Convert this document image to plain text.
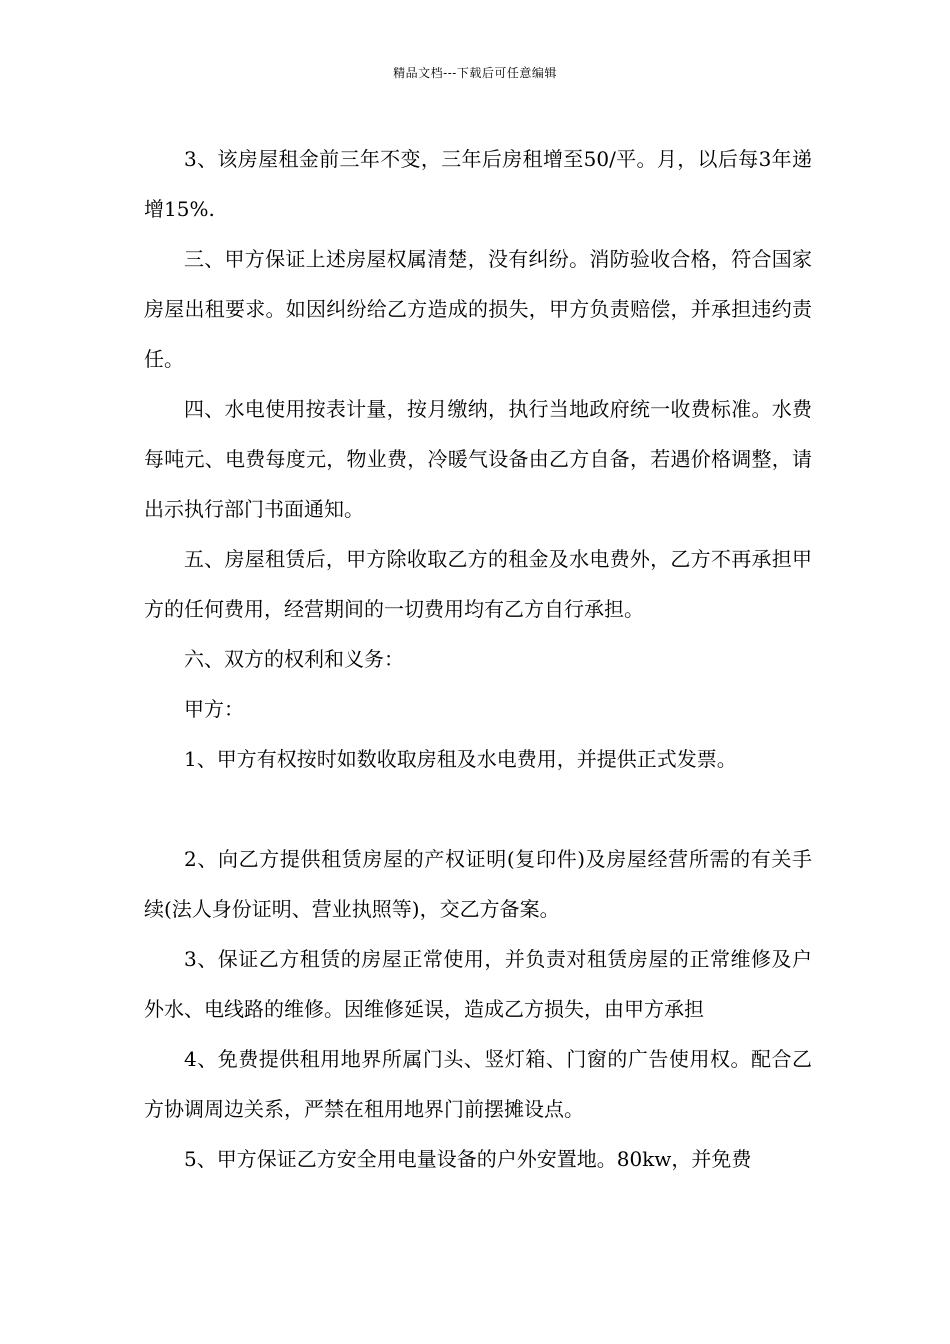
精品文档---下载后可任意编辑

3、该房屋租金前三年不变，三年后房租增至50/平。月，以后每3年递增15%.

三、甲方保证上述房屋权属清楚，没有纠纷。消防验收合格，符合国家房屋出租要求。如因纠纷给乙方造成的损失，甲方负责赔偿，并承担违约责任。

四、水电使用按表计量，按月缴纳，执行当地政府统一收费标准。水费每吨元、电费每度元，物业费，冷暖气设备由乙方自备，若遇价格调整，请出示执行部门书面通知。

五、房屋租赁后，甲方除收取乙方的租金及水电费外，乙方不再承担甲方的任何费用，经营期间的一切费用均有乙方自行承担。

六、双方的权利和义务：

甲方：

1、甲方有权按时如数收取房租及水电费用，并提供正式发票。

2、向乙方提供租赁房屋的产权证明(复印件)及房屋经营所需的有关手续(法人身份证明、营业执照等)，交乙方备案。

3、保证乙方租赁的房屋正常使用，并负责对租赁房屋的正常维修及户外水、电线路的维修。因维修延误，造成乙方损失，由甲方承担

4、免费提供租用地界所属门头、竖灯箱、门窗的广告使用权。配合乙方协调周边关系，严禁在租用地界门前摆摊设点。

5、甲方保证乙方安全用电量设备的户外安置地。80kw，并免费
